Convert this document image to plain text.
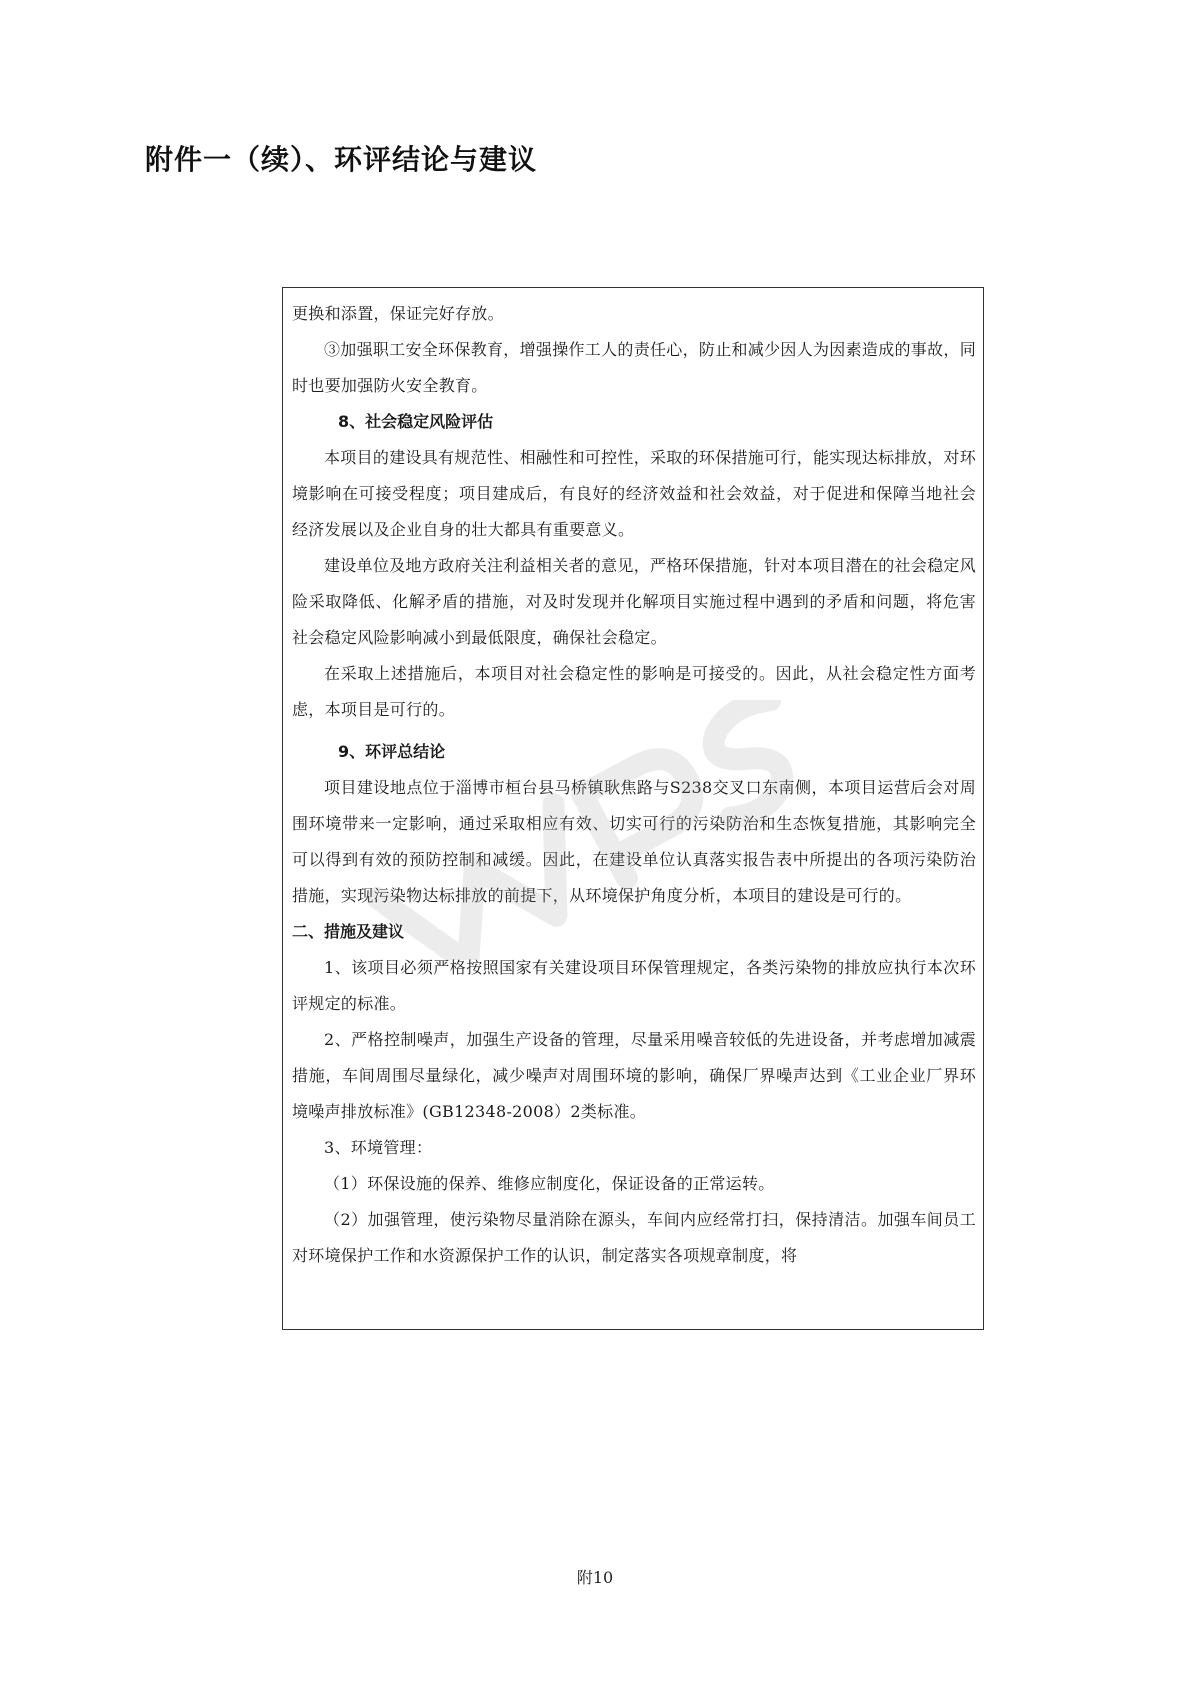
附件一（续）、环评结论与建议

更换和添置，保证完好存放。

③加强职工安全环保教育，增强操作工人的责任心，防止和减少因人为因素造成的事故，同时也要加强防火安全教育。

8、社会稳定风险评估

本项目的建设具有规范性、相融性和可控性，采取的环保措施可行，能实现达标排放，对环境影响在可接受程度；项目建成后，有良好的经济效益和社会效益，对于促进和保障当地社会经济发展以及企业自身的壮大都具有重要意义。

建设单位及地方政府关注利益相关者的意见，严格环保措施，针对本项目潜在的社会稳定风险采取降低、化解矛盾的措施，对及时发现并化解项目实施过程中遇到的矛盾和问题，将危害社会稳定风险影响减小到最低限度，确保社会稳定。

在采取上述措施后，本项目对社会稳定性的影响是可接受的。因此，从社会稳定性方面考虑，本项目是可行的。

9、环评总结论

项目建设地点位于淄博市桓台县马桥镇耿焦路与S238交叉口东南侧，本项目运营后会对周围环境带来一定影响，通过采取相应有效、切实可行的污染防治和生态恢复措施，其影响完全可以得到有效的预防控制和减缓。因此，在建设单位认真落实报告表中所提出的各项污染防治措施，实现污染物达标排放的前提下，从环境保护角度分析，本项目的建设是可行的。

二、措施及建议

1、该项目必须严格按照国家有关建设项目环保管理规定，各类污染物的排放应执行本次环评规定的标准。

2、严格控制噪声，加强生产设备的管理，尽量采用噪音较低的先进设备，并考虑增加减震措施，车间周围尽量绿化，减少噪声对周围环境的影响，确保厂界噪声达到《工业企业厂界环境噪声排放标准》(GB12348-2008）2类标准。

3、环境管理：

（1）环保设施的保养、维修应制度化，保证设备的正常运转。

（2）加强管理，使污染物尽量消除在源头，车间内应经常打扫，保持清洁。加强车间员工对环境保护工作和水资源保护工作的认识，制定落实各项规章制度，将

附10
